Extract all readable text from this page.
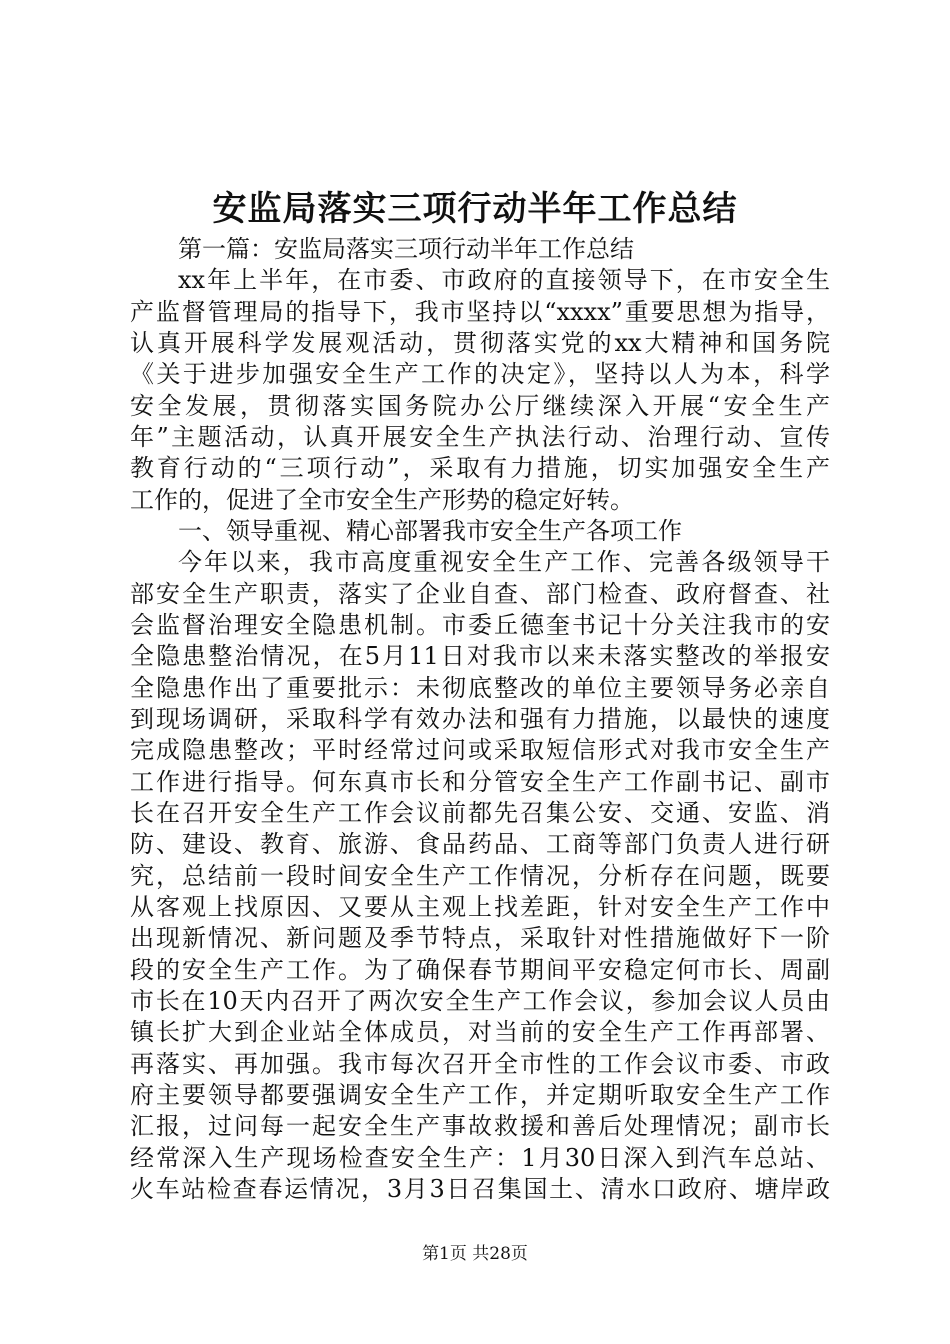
安监局落实三项行动半年工作总结
第一篇：安监局落实三项行动半年工作总结
xx年上半年，在市委、市政府的直接领导下，在市安全生
产监督管理局的指导下，我市坚持以“xxxx”重要思想为指导，
认真开展科学发展观活动，贯彻落实党的xx大精神和国务院
《关于进步加强安全生产工作的决定》，坚持以人为本，科学
安全发展，贯彻落实国务院办公厅继续深入开展“安全生产
年”主题活动，认真开展安全生产执法行动、治理行动、宣传
教育行动的“三项行动”，采取有力措施，切实加强安全生产
工作的，促进了全市安全生产形势的稳定好转。
一、领导重视、精心部署我市安全生产各项工作
今年以来，我市高度重视安全生产工作、完善各级领导干
部安全生产职责，落实了企业自查、部门检查、政府督查、社
会监督治理安全隐患机制。市委丘德奎书记十分关注我市的安
全隐患整治情况，在5月11日对我市以来未落实整改的举报安
全隐患作出了重要批示：未彻底整改的单位主要领导务必亲自
到现场调研，采取科学有效办法和强有力措施，以最快的速度
完成隐患整改；平时经常过问或采取短信形式对我市安全生产
工作进行指导。何东真市长和分管安全生产工作副书记、副市
长在召开安全生产工作会议前都先召集公安、交通、安监、消
防、建设、教育、旅游、食品药品、工商等部门负责人进行研
究，总结前一段时间安全生产工作情况，分析存在问题，既要
从客观上找原因、又要从主观上找差距，针对安全生产工作中
出现新情况、新问题及季节特点，采取针对性措施做好下一阶
段的安全生产工作。为了确保春节期间平安稳定何市长、周副
市长在10天内召开了两次安全生产工作会议，参加会议人员由
镇长扩大到企业站全体成员，对当前的安全生产工作再部署、
再落实、再加强。我市每次召开全市性的工作会议市委、市政
府主要领导都要强调安全生产工作，并定期听取安全生产工作
汇报，过问每一起安全生产事故救援和善后处理情况；副市长
经常深入生产现场检查安全生产：1月30日深入到汽车总站、
火车站检查春运情况，3月3日召集国土、清水口政府、塘岸政
第1页 共28页
